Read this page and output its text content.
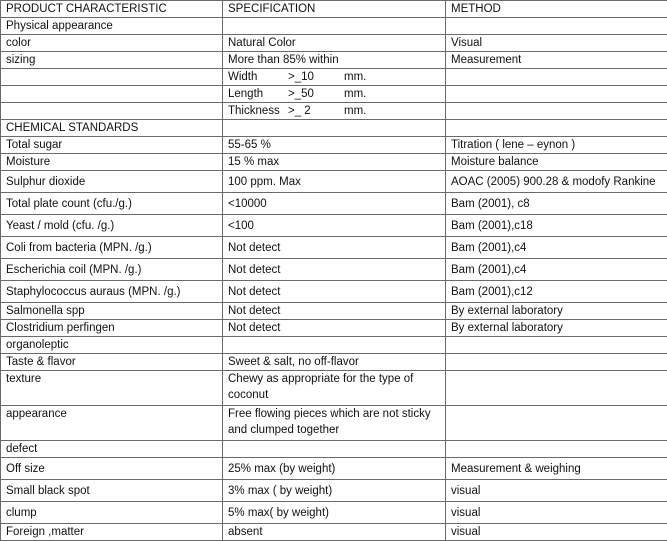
PRODUCT CHARACTERISTIC	SPECIFICATION	METHOD
Physical appearance		
color	Natural Color	Visual
sizing	More than 85% within	Measurement
	Width >_10 mm.	
	Length >_50 mm.	
	Thickness >_ 2 mm.	
CHEMICAL STANDARDS		
Total sugar	55-65 %	Titration ( lene – eynon )
Moisture	15 % max	Moisture balance
Sulphur dioxide	100 ppm. Max	AOAC (2005) 900.28 & modofy Rankine
Total plate count (cfu./g.)	<10000	Bam (2001), c8
Yeast / mold (cfu. /g.)	<100	Bam (2001),c18
Coli from bacteria (MPN. /g.)	Not detect	Bam (2001),c4
Escherichia coil (MPN. /g.)	Not detect	Bam (2001),c4
Staphylococcus auraus (MPN. /g.)	Not detect	Bam (2001),c12
Salmonella spp	Not detect	By external laboratory
Clostridium perfingen	Not detect	By external laboratory
organoleptic		
Taste & flavor	Sweet & salt, no off-flavor	
texture	Chewy as appropriate for the type of coconut	
appearance	Free flowing pieces which are not sticky and clumped together	
defect		
Off size	25% max (by weight)	Measurement & weighing
Small black spot	3% max ( by weight)	visual
clump	5% max( by weight)	visual
Foreign ,matter	absent	visual
